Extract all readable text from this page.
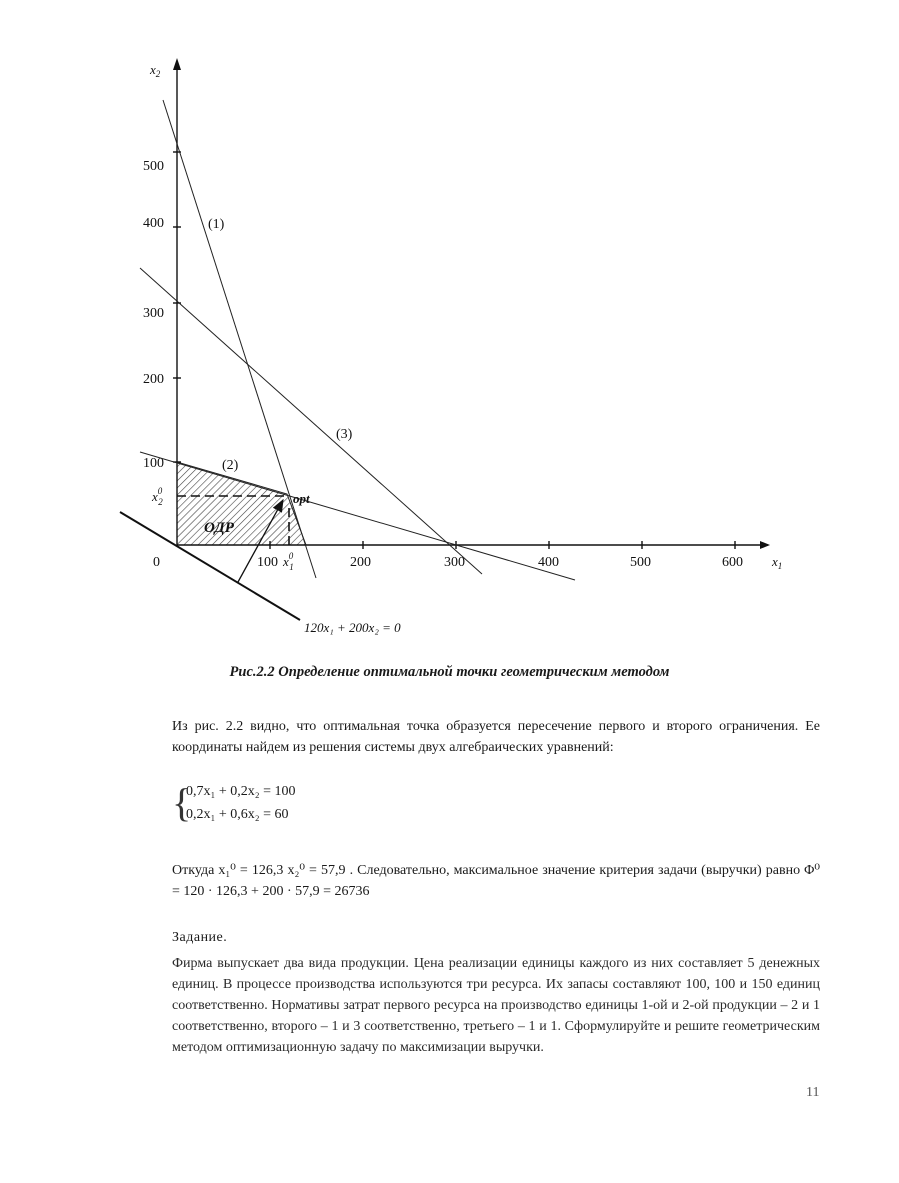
0	100	200	300	400	500	600
100
200
300
400
500
$x_1$
$x_2$
(1)
(2)
(3)
$x^0$ 2
$x^0$ 1
ОДР
opt
120x₁ + 200x₂ = 0
Рис.2.2 Определение оптимальной точки геометрическим методом
Из рис. 2.2 видно, что оптимальная точка образуется пересечение первого и второго ограничения. Ее координаты найдем из решения системы двух алгебраических уравнений:
{
0,7x₁ + 0,2x₂ = 100
0,2x₁ + 0,6x₂ = 60
Откуда x₁⁰ = 126,3 x₂⁰ = 57,9 . Следовательно, максимальное значение критерия задачи (выручки) равно Φ⁰ = 120 · 126,3 + 200 · 57,9 = 26736
Задание.
Фирма выпускает два вида продукции. Цена реализации единицы каждого из них составляет 5 денежных единиц. В процессе производства используются три ресурса. Их запасы составляют 100, 100 и 150 единиц соответственно. Нормативы затрат первого ресурса на производство единицы 1-ой и 2-ой продукции – 2 и 1 соответственно, второго – 1 и 3 соответственно, третьего – 1 и 1. Сформулируйте и решите геометрическим методом оптимизационную задачу по максимизации выручки.
11
